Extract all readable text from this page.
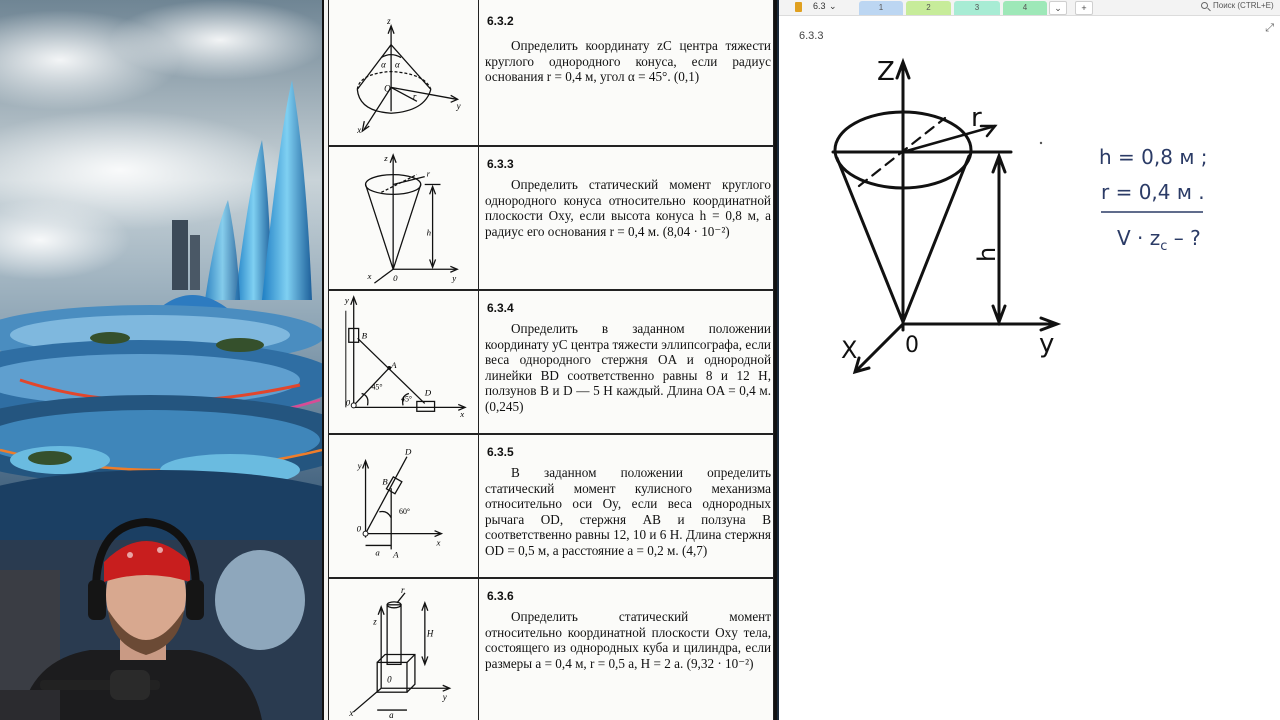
z
y
x
O
r
α α
6.3.2
Определить координату zC центра тяжести круглого однородного конуса, если радиус основания r = 0,4 м, угол α = 45°. (0,1)
z
r
h
0	y
x
6.3.3
Определить статический момент круглого однородного конуса относительно координатной плоскости Oxy, если высота конуса h = 0,8 м, а радиус его основания r = 0,4 м. (8,04 · 10⁻²)
y
x
0
A
B
D
45°
45°
6.3.4
Определить в заданном положении координату yC центра тяжести эллипсографа, если веса однородного стержня OA и однородной линейки BD соответственно равны 8 и 12 Н, ползунов B и D — 5 Н каждый. Длина OA = 0,4 м. (0,245)
y
x
0
A
B
D
60°
a
6.3.5
В заданном положении определить статический момент кулисного механизма относительно оси Oy, если веса однородных рычага OD, стержня AB и ползуна B соответственно равны 12, 10 и 6 Н. Длина стержня OD = 0,5 м, а расстояние a = 0,2 м. (4,7)
z
r
H
0
y
x	a
6.3.6
Определить статический момент относительно координатной плоскости Oxy тела, состоящего из однородных куба и цилиндра, если размеры a = 0,4 м, r = 0,5 a, H = 2 a. (9,32 · 10⁻²)
6.3 ⌄	1	2	3	4	⌄	+	Поиск (CTRL+E)
⤢
6.3.3
Z
r
h
0	y
X
h = 0,8 м ;
r = 0,4 м .
$V \cdot z_c$ – ?
